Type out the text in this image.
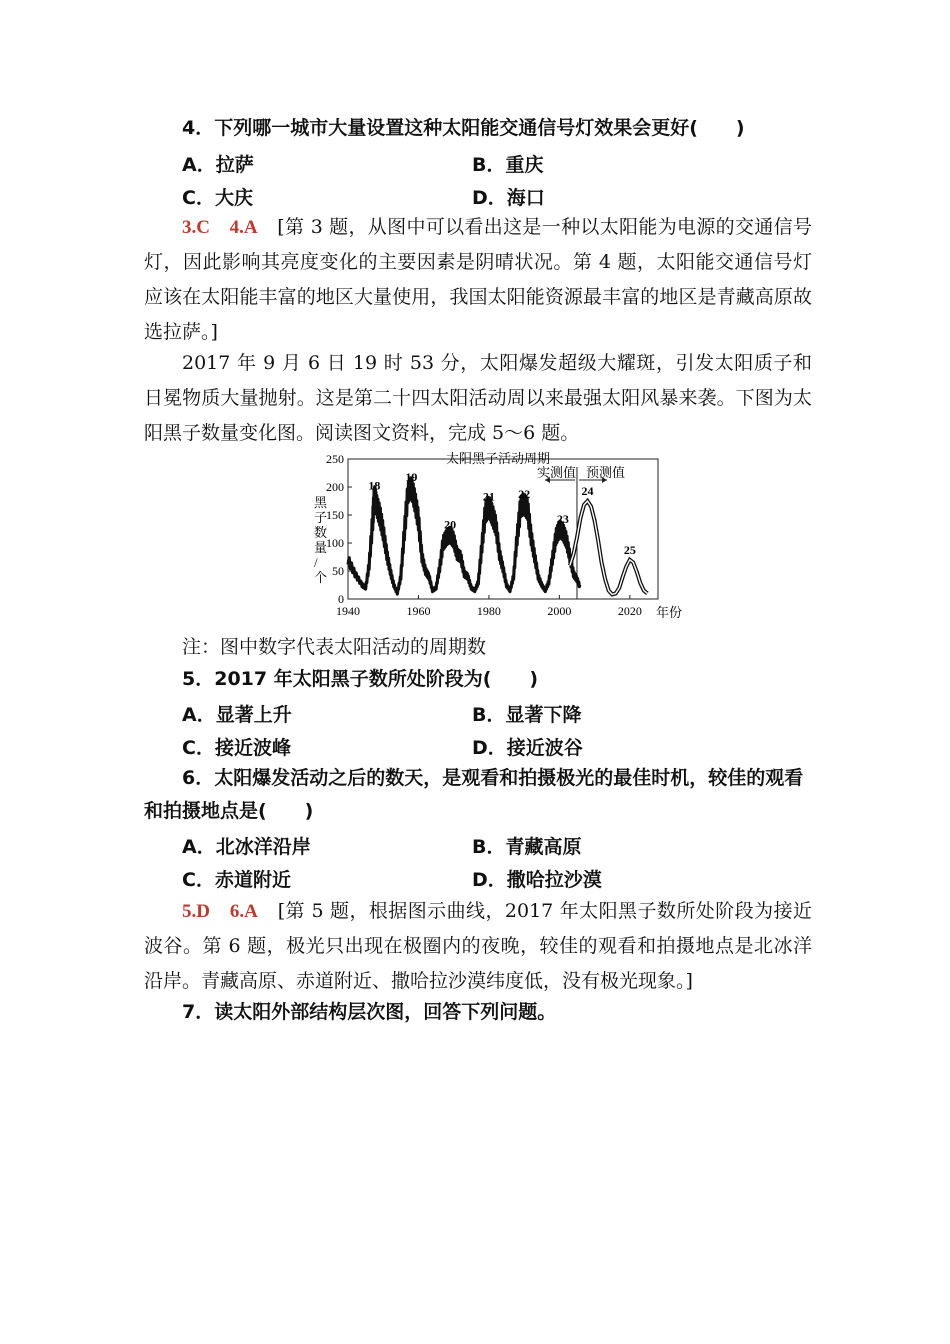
4．下列哪一城市大量设置这种太阳能交通信号灯效果会更好(　　)
A．拉萨	B．重庆
C．大庆	D．海口
3.C　4.A　 [第 3 题，从图中可以看出这是一种以太阳能为电源的交通信号灯，因此影响其亮度变化的主要因素是阴晴状况。第 4 题，太阳能交通信号灯应该在太阳能丰富的地区大量使用，我国太阳能资源最丰富的地区是青藏高原故选拉萨。]
2017 年 9 月 6 日 19 时 53 分，太阳爆发超级大耀斑，引发太阳质子和日冕物质大量抛射。这是第二十四太阳活动周以来最强太阳风暴来袭。下图为太阳黑子数量变化图。阅读图文资料，完成 5～6 题。
0
50
100
150
200
250
1940	1960	1980	2000	2020
18
19
20
21 22
23
24
25
黑子数量/个
年份
太阳黑子活动周期
实测值 预测值
注：图中数字代表太阳活动的周期数
5．2017 年太阳黑子数所处阶段为(　　)
A．显著上升	B．显著下降
C．接近波峰	D．接近波谷
6．太阳爆发活动之后的数天，是观看和拍摄极光的最佳时机，较佳的观看
和拍摄地点是(　　)
A．北冰洋沿岸	B．青藏高原
C．赤道附近	D．撒哈拉沙漠
5.D　6.A　 [第 5 题，根据图示曲线，2017 年太阳黑子数所处阶段为接近波谷。第 6 题，极光只出现在极圈内的夜晚，较佳的观看和拍摄地点是北冰洋沿岸。青藏高原、赤道附近、撒哈拉沙漠纬度低，没有极光现象。]
7．读太阳外部结构层次图，回答下列问题。
